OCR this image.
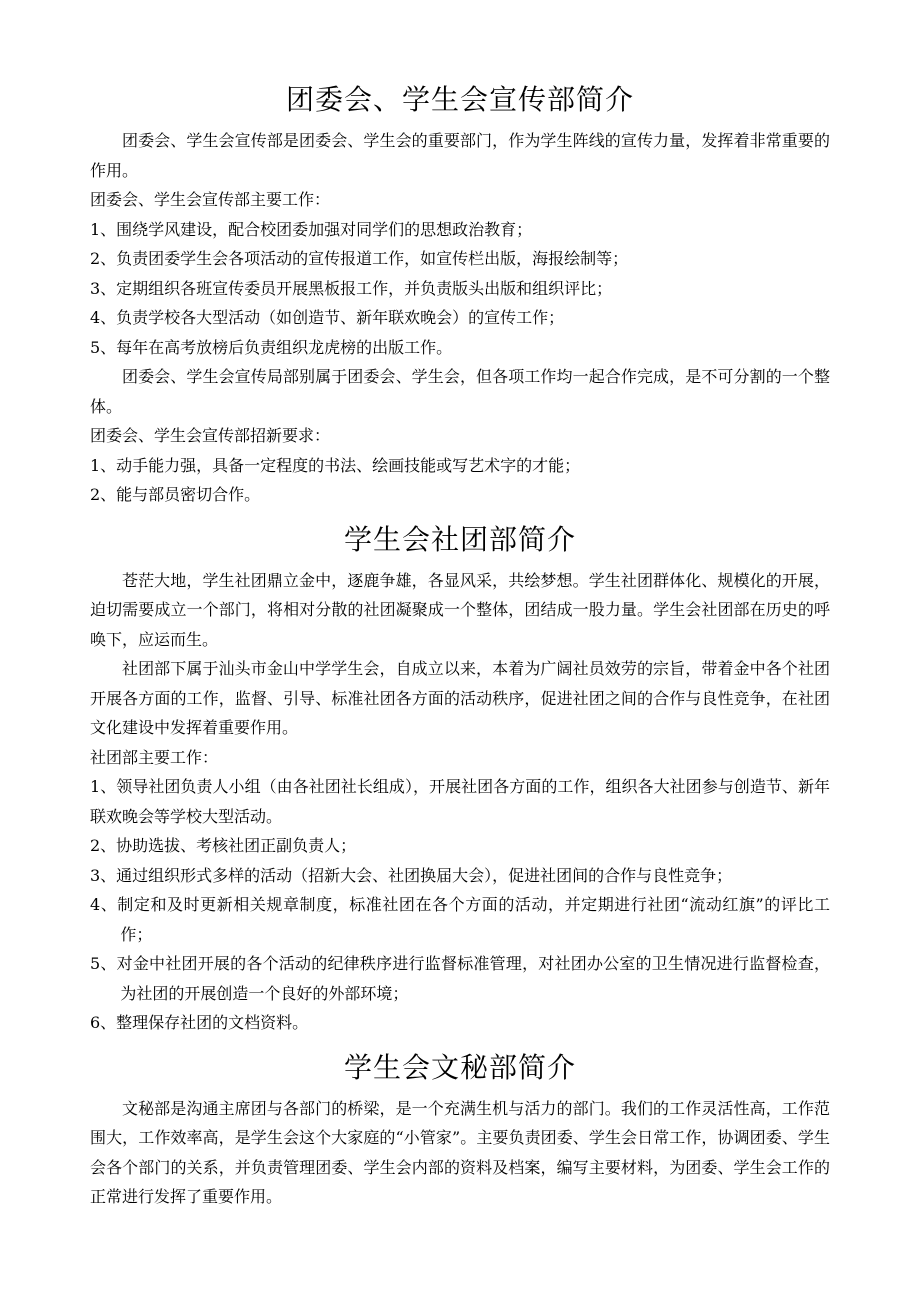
团委会、学生会宣传部简介

团委会、学生会宣传部是团委会、学生会的重要部门，作为学生阵线的宣传力量，发挥着非常重要的作用。

团委会、学生会宣传部主要工作：

1、围绕学风建设，配合校团委加强对同学们的思想政治教育；

2、负责团委学生会各项活动的宣传报道工作，如宣传栏出版，海报绘制等；

3、定期组织各班宣传委员开展黑板报工作，并负责版头出版和组织评比；

4、负责学校各大型活动（如创造节、新年联欢晚会）的宣传工作；

5、每年在高考放榜后负责组织龙虎榜的出版工作。

团委会、学生会宣传局部别属于团委会、学生会，但各项工作均一起合作完成，是不可分割的一个整体。

团委会、学生会宣传部招新要求：

1、动手能力强，具备一定程度的书法、绘画技能或写艺术字的才能；

2、能与部员密切合作。

学生会社团部简介

苍茫大地，学生社团鼎立金中，逐鹿争雄，各显风采，共绘梦想。学生社团群体化、规模化的开展，迫切需要成立一个部门，将相对分散的社团凝聚成一个整体，团结成一股力量。学生会社团部在历史的呼唤下，应运而生。

社团部下属于汕头市金山中学学生会，自成立以来，本着为广阔社员效劳的宗旨，带着金中各个社团开展各方面的工作，监督、引导、标准社团各方面的活动秩序，促进社团之间的合作与良性竞争，在社团文化建设中发挥着重要作用。

社团部主要工作：

1、领导社团负责人小组（由各社团社长组成），开展社团各方面的工作，组织各大社团参与创造节、新年联欢晚会等学校大型活动。

2、协助选拔、考核社团正副负责人；

3、通过组织形式多样的活动（招新大会、社团换届大会），促进社团间的合作与良性竞争；

4、制定和及时更新相关规章制度，标准社团在各个方面的活动，并定期进行社团“流动红旗”的评比工作；

5、对金中社团开展的各个活动的纪律秩序进行监督标准管理，对社团办公室的卫生情况进行监督检查，为社团的开展创造一个良好的外部环境；

6、整理保存社团的文档资料。

学生会文秘部简介

文秘部是沟通主席团与各部门的桥梁，是一个充满生机与活力的部门。我们的工作灵活性高，工作范围大，工作效率高，是学生会这个大家庭的“小管家”。主要负责团委、学生会日常工作，协调团委、学生会各个部门的关系，并负责管理团委、学生会内部的资料及档案，编写主要材料，为团委、学生会工作的正常进行发挥了重要作用。
